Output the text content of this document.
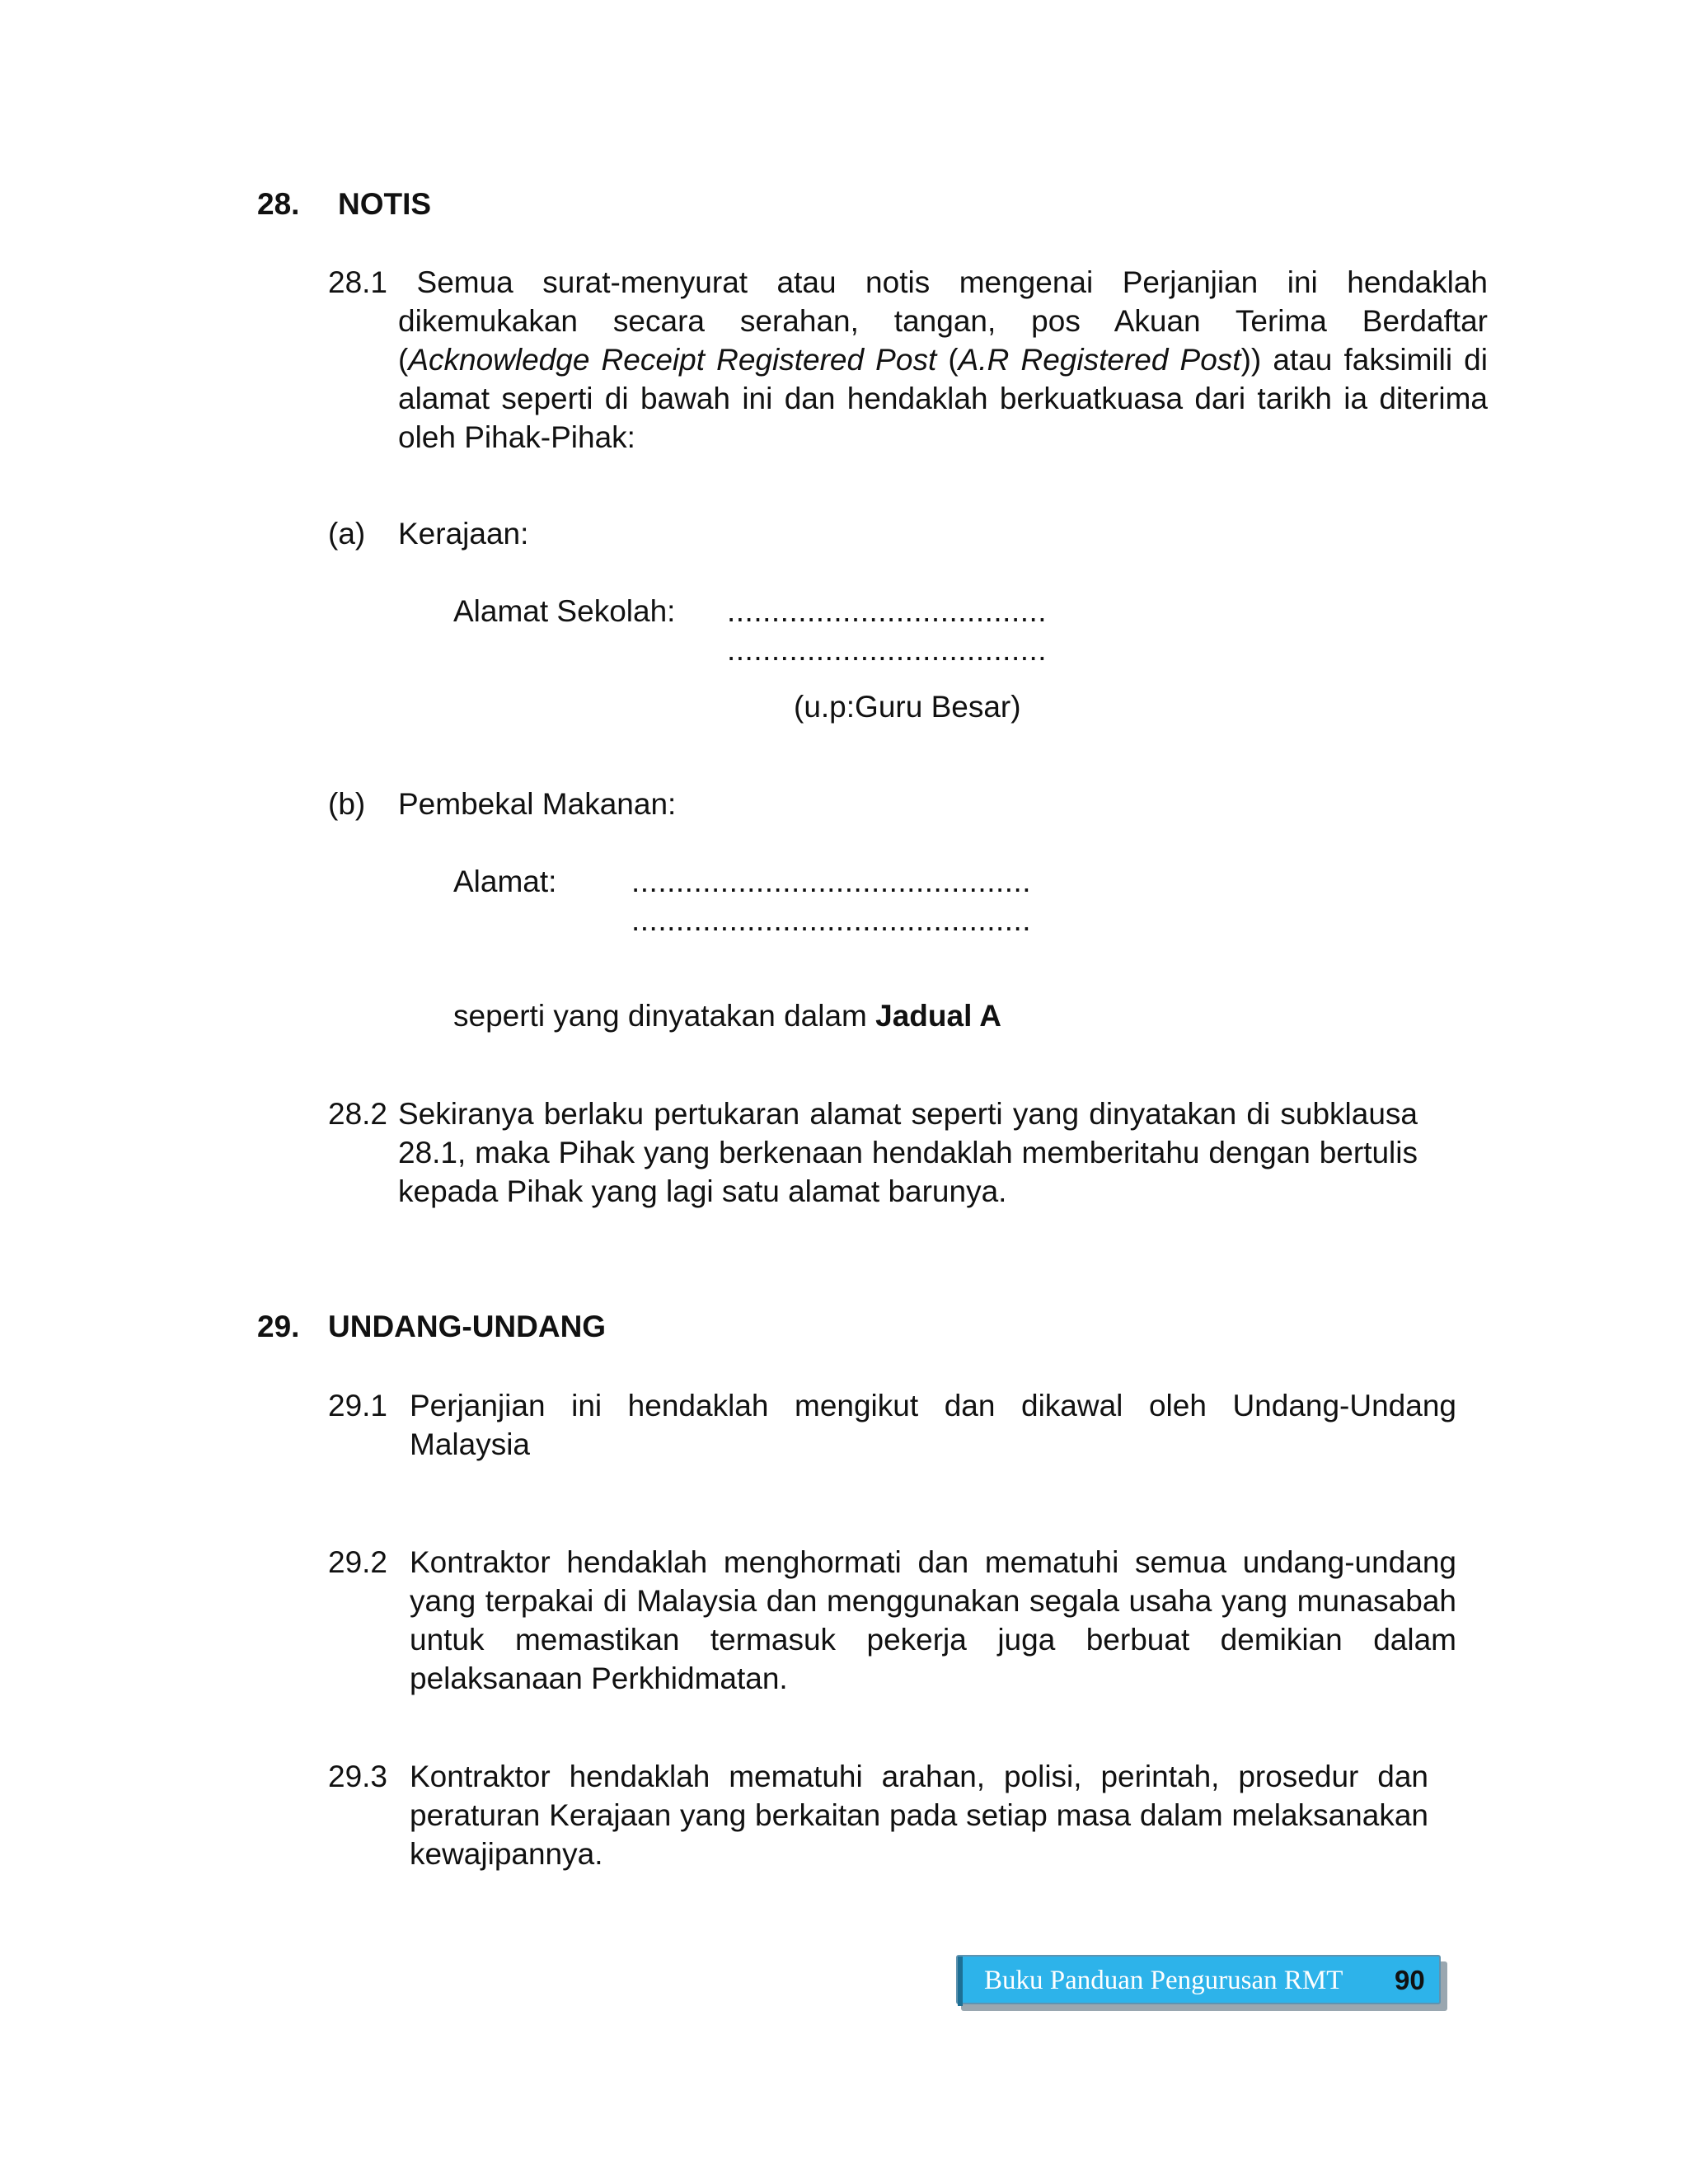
28. NOTIS
28.1 Semua surat-menyurat atau notis mengenai Perjanjian ini hendaklah dikemukakan secara serahan, tangan, pos Akuan Terima Berdaftar (Acknowledge Receipt Registered Post (A.R Registered Post)) atau faksimili di alamat seperti di bawah ini dan hendaklah berkuatkuasa dari tarikh ia diterima oleh Pihak-Pihak:
(a) Kerajaan:
Alamat Sekolah: ....................................
....................................
(u.p:Guru Besar)
(b) Pembekal Makanan:
Alamat: .............................................
.............................................
seperti yang dinyatakan dalam Jadual A
28.2 Sekiranya berlaku pertukaran alamat seperti yang dinyatakan di subklausa 28.1, maka Pihak yang berkenaan hendaklah memberitahu dengan bertulis kepada Pihak yang lagi satu alamat barunya.
29. UNDANG-UNDANG
29.1 Perjanjian ini hendaklah mengikut dan dikawal oleh Undang-Undang Malaysia
29.2 Kontraktor hendaklah menghormati dan mematuhi semua undang-undang yang terpakai di Malaysia dan menggunakan segala usaha yang munasabah untuk memastikan termasuk pekerja juga berbuat demikian dalam pelaksanaan Perkhidmatan.
29.3 Kontraktor hendaklah mematuhi arahan, polisi, perintah, prosedur dan peraturan Kerajaan yang berkaitan pada setiap masa dalam melaksanakan kewajipannya.
Buku Panduan Pengurusan RMT 90
